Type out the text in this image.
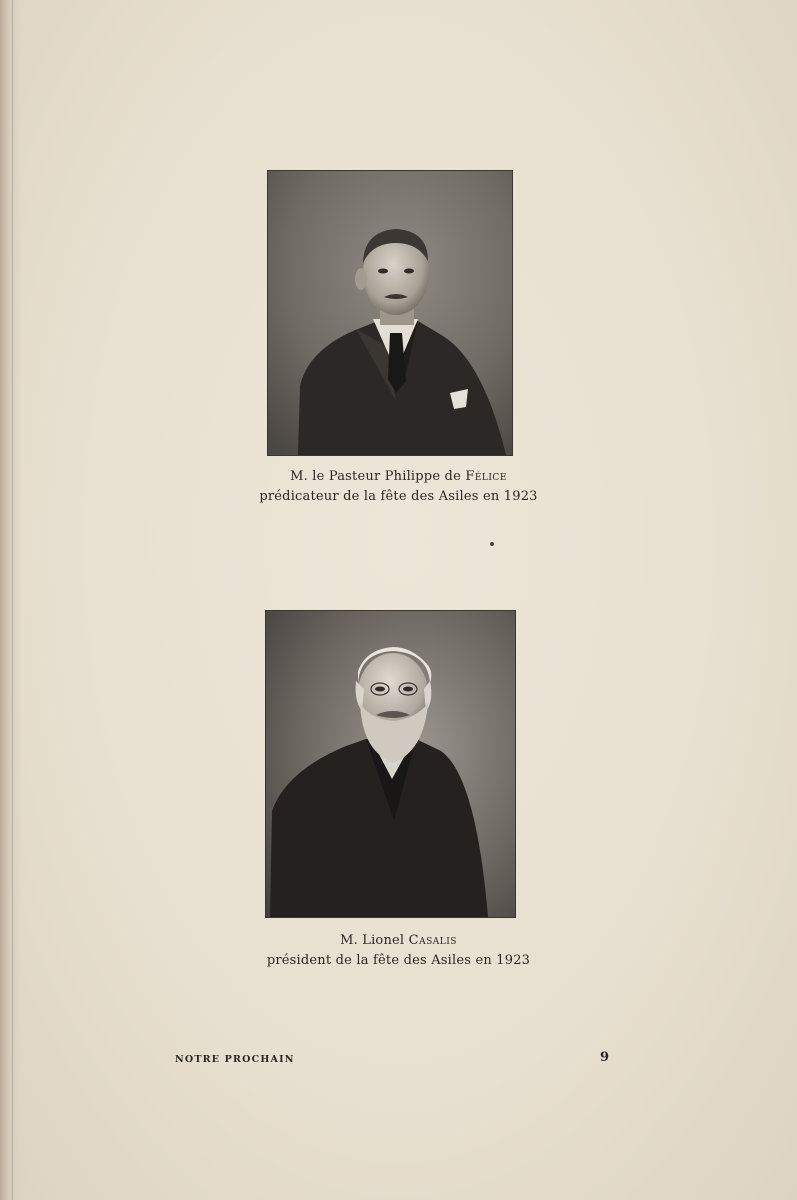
M. le Pasteur Philippe de Félice
prédicateur de la fête des Asiles en 1923
M. Lionel Casalis
président de la fête des Asiles en 1923
NOTRE PROCHAIN	9
